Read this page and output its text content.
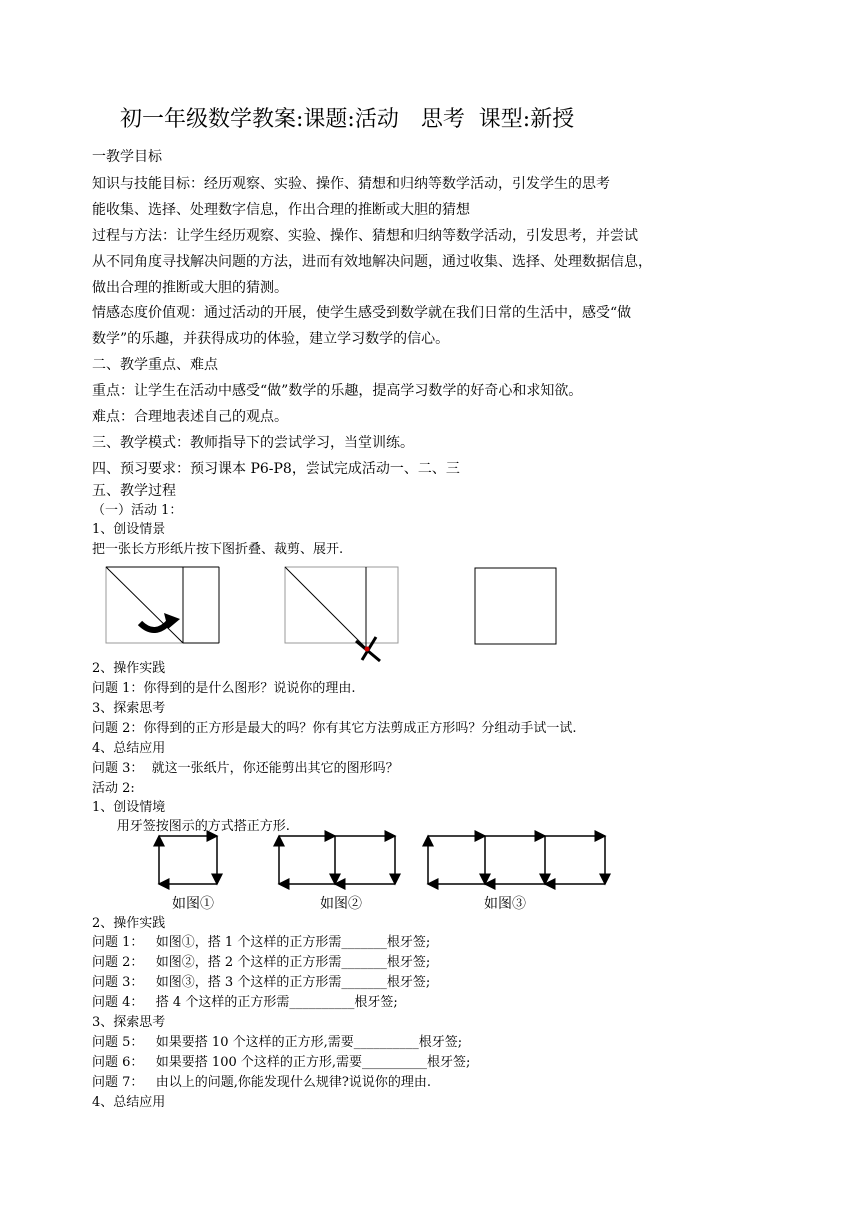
初一年级数学教案:课题:活动　思考  课型:新授
一教学目标
知识与技能目标：经历观察、实验、操作、猜想和归纳等数学活动，引发学生的思考
能收集、选择、处理数字信息，作出合理的推断或大胆的猜想
过程与方法：让学生经历观察、实验、操作、猜想和归纳等数学活动，引发思考，并尝试
从不同角度寻找解决问题的方法，进而有效地解决问题，通过收集、选择、处理数据信息，
做出合理的推断或大胆的猜测。
情感态度价值观：通过活动的开展，使学生感受到数学就在我们日常的生活中，感受“做
数学”的乐趣，并获得成功的体验，建立学习数学的信心。
二、教学重点、难点
重点：让学生在活动中感受“做”数学的乐趣，提高学习数学的好奇心和求知欲。
难点：合理地表述自己的观点。
三、教学模式：教师指导下的尝试学习，当堂训练。
四、预习要求：预习课本 P6-P8，尝试完成活动一、二、三
五、教学过程
（一）活动 1：
1、创设情景
把一张长方形纸片按下图折叠、裁剪、展开.
2、操作实践
问题 1：你得到的是什么图形？说说你的理由.
3、探索思考
问题 2：你得到的正方形是最大的吗？你有其它方法剪成正方形吗？分组动手试一试.
4、总结应用
问题 3：  就这一张纸片，你还能剪出其它的图形吗？
活动 2:
1、创设情境
用牙签按图示的方式搭正方形.
如图①	如图②	如图③
2、操作实践
问题 1：   如图①，搭 1 个这样的正方形需_______根牙签;
问题 2：   如图②，搭 2 个这样的正方形需_______根牙签;
问题 3：   如图③，搭 3 个这样的正方形需_______根牙签;
问题 4：   搭 4 个这样的正方形需__________根牙签;
3、探索思考
问题 5：   如果要搭 10 个这样的正方形,需要__________根牙签;
问题 6：   如果要搭 100 个这样的正方形,需要__________根牙签;
问题 7：   由以上的问题,你能发现什么规律?说说你的理由.
4、总结应用
